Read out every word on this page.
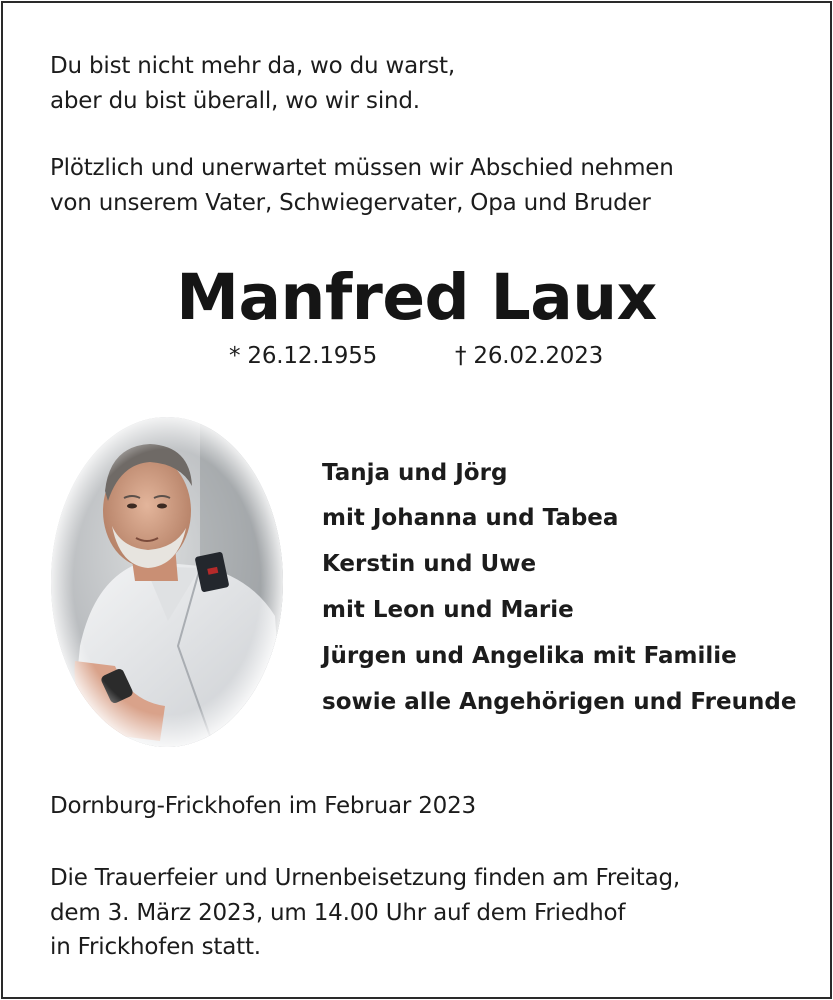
Du bist nicht mehr da, wo du warst,
aber du bist überall, wo wir sind.
Plötzlich und unerwartet müssen wir Abschied nehmen
von unserem Vater, Schwiegervater, Opa und Bruder
Manfred Laux
* 26.12.1955	† 26.02.2023
Tanja und Jörg
mit Johanna und Tabea
Kerstin und Uwe
mit Leon und Marie
Jürgen und Angelika mit Familie
sowie alle Angehörigen und Freunde
Dornburg-Frickhofen im Februar 2023
Die Trauerfeier und Urnenbeisetzung finden am Freitag,
dem 3. März 2023, um 14.00 Uhr auf dem Friedhof
in Frickhofen statt.
